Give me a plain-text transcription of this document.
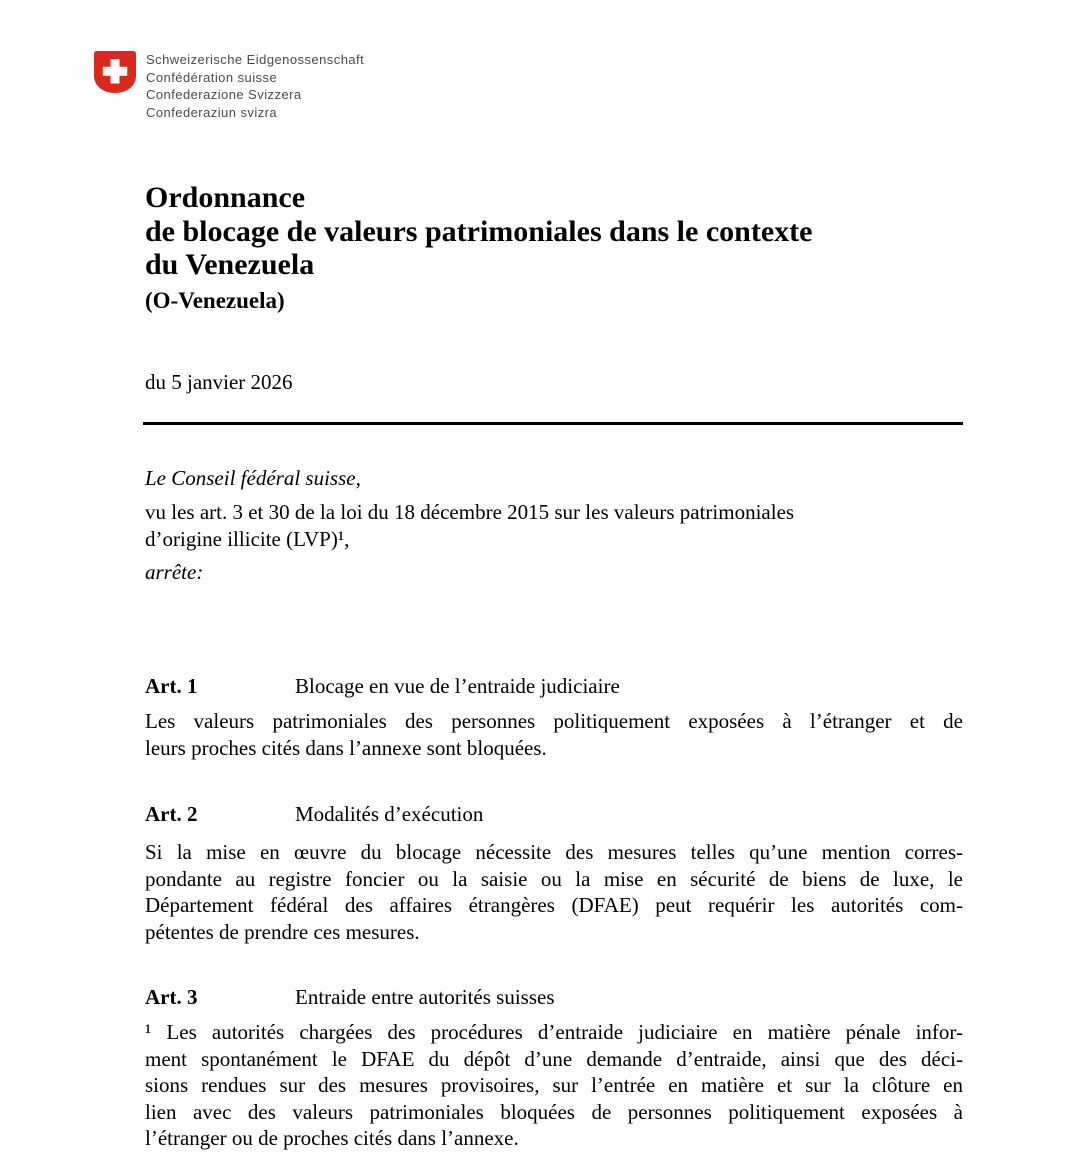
Schweizerische Eidgenossenschaft
Confédération suisse
Confederazione Svizzera
Confederaziun svizra
Ordonnance
de blocage de valeurs patrimoniales dans le contexte
du Venezuela
(O-Venezuela)
du 5 janvier 2026
Le Conseil fédéral suisse,
vu les art. 3 et 30 de la loi du 18 décembre 2015 sur les valeurs patrimoniales
d’origine illicite (LVP)¹,
arrête:
Art. 1	Blocage en vue de l’entraide judiciaire
Les valeurs patrimoniales des personnes politiquement exposées à l’étranger et de
leurs proches cités dans l’annexe sont bloquées.
Art. 2	Modalités d’exécution
Si la mise en œuvre du blocage nécessite des mesures telles qu’une mention corres-
pondante au registre foncier ou la saisie ou la mise en sécurité de biens de luxe, le
Département fédéral des affaires étrangères (DFAE) peut requérir les autorités com-
pétentes de prendre ces mesures.
Art. 3	Entraide entre autorités suisses
¹ Les autorités chargées des procédures d’entraide judiciaire en matière pénale infor-
ment spontanément le DFAE du dépôt d’une demande d’entraide, ainsi que des déci-
sions rendues sur des mesures provisoires, sur l’entrée en matière et sur la clôture en
lien avec des valeurs patrimoniales bloquées de personnes politiquement exposées à
l’étranger ou de proches cités dans l’annexe.
